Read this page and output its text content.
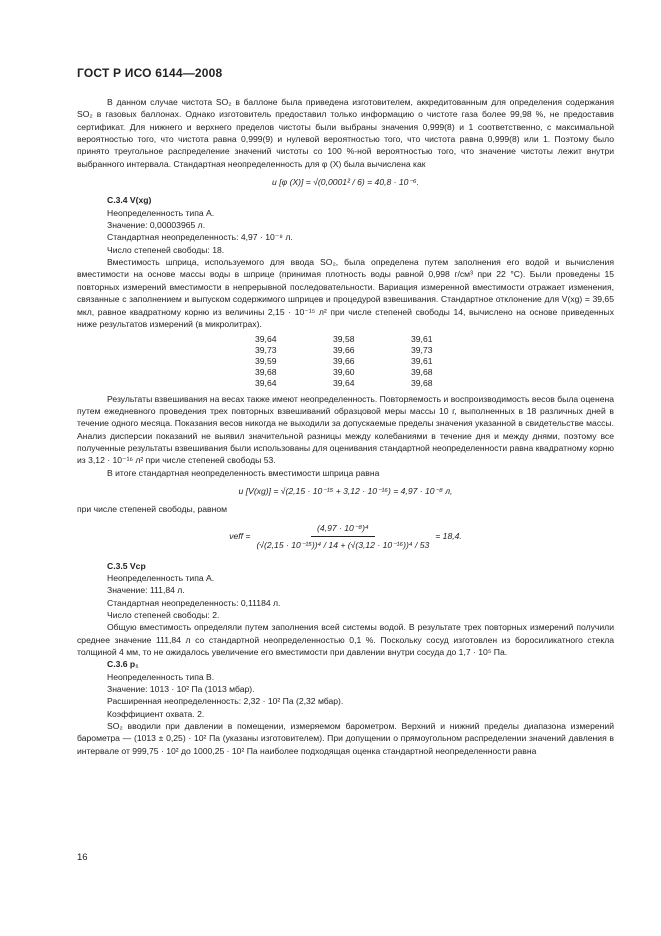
ГОСТ Р ИСО 6144—2008

В данном случае чистота SO₂ в баллоне была приведена изготовителем, аккредитованным для определения содержания SO₂ в газовых баллонах. Однако изготовитель предоставил только информацию о чистоте газа более 99,98 %, не предоставив сертификат. Для нижнего и верхнего пределов чистоты были выбраны значения 0,999(8) и 1 соответственно, с максимальной вероятностью того, что чистота равна 0,999(9) и нулевой вероятностью того, что чистота равна 0,999(8) или 1. Поэтому было принято треугольное распределение значений чистоты со 100 %-ной вероятностью того, что значение чистоты лежит внутри выбранного интервала. Стандартная неопределенность для φ (X) была вычислена как

u [φ (X)] = √(0,0001² / 6) = 40,8 · 10⁻⁶.

С.3.4 V(xg)

Неопределенность типа А.

Значение: 0,00003965 л.

Стандартная неопределенность: 4,97 · 10⁻⁸ л.

Число степеней свободы: 18.

Вместимость шприца, используемого для ввода SO₂, была определена путем заполнения его водой и вычисления вместимости на основе массы воды в шприце (принимая плотность воды равной 0,998 г/см³ при 22 °С). Были проведены 15 повторных измерений вместимости в непрерывной последовательности. Вариация измеренной вместимости отражает изменения, связанные с заполнением и выпуском содержимого шприцев и процедурой взвешивания. Стандартное отклонение для V(xg) = 39,65 мкл, равное квадратному корню из величины 2,15 · 10⁻¹⁵ л² при числе степеней свободы 14, вычислено на основе приведенных ниже результатов измерений (в микролитрах).

39,64	39,58	39,61
39,73	39,66	39,73
39,59	39,66	39,61
39,68	39,60	39,68
39,64	39,64	39,68

Результаты взвешивания на весах также имеют неопределенность. Повторяемость и воспроизводимость весов была оценена путем ежедневного проведения трех повторных взвешиваний образцовой меры массы 10 г, выполненных в 18 различных дней в течение одного месяца. Показания весов никогда не выходили за допускаемые пределы значения указанной в свидетельстве массы. Анализ дисперсии показаний не выявил значительной разницы между колебаниями в течение дня и между днями, поэтому все полученные результаты взвешивания были использованы для оценивания стандартной неопределенности равна квадратному корню из 3,12 · 10⁻¹⁶ л² при числе степеней свободы 53.

В итоге стандартная неопределенность вместимости шприца равна

u [V(xg)] = √(2,15 · 10⁻¹⁵ + 3,12 · 10⁻¹⁶) = 4,97 · 10⁻⁸ л,

при числе степеней свободы, равном

$\nu eff = \frac{\text{(4,97 · 10⁻⁸)⁴}}{\text{(√(2,15 · 10⁻¹⁵))⁴ / 14 + (√(3,12 · 10⁻¹⁶))⁴ / 53}} = 18,4$.

С.3.5 Vср

Неопределенность типа А.

Значение: 111,84 л.

Стандартная неопределенность: 0,11184 л.

Число степеней свободы: 2.

Общую вместимость определяли путем заполнения всей системы водой. В результате трех повторных измерений получили среднее значение 111,84 л со стандартной неопределенностью 0,1 %. Поскольку сосуд изготовлен из боросиликатного стекла толщиной 4 мм, то не ожидалось увеличение его вместимости при давлении внутри сосуда до 1,7 · 10⁵ Па.

С.3.6 p₁

Неопределенность типа В.

Значение: 1013 · 10² Па (1013 мбар).

Расширенная неопределенность: 2,32 · 10² Па (2,32 мбар).

Коэффициент охвата. 2.

SO₂ вводили при давлении в помещении, измеряемом барометром. Верхний и нижний пределы диапазона измерений барометра — (1013 ± 0,25) · 10² Па (указаны изготовителем). При допущении о прямоугольном распределении значений давления в интервале от 999,75 · 10² до 1000,25 · 10² Па наиболее подходящая оценка стандартной неопределенности равна

16
